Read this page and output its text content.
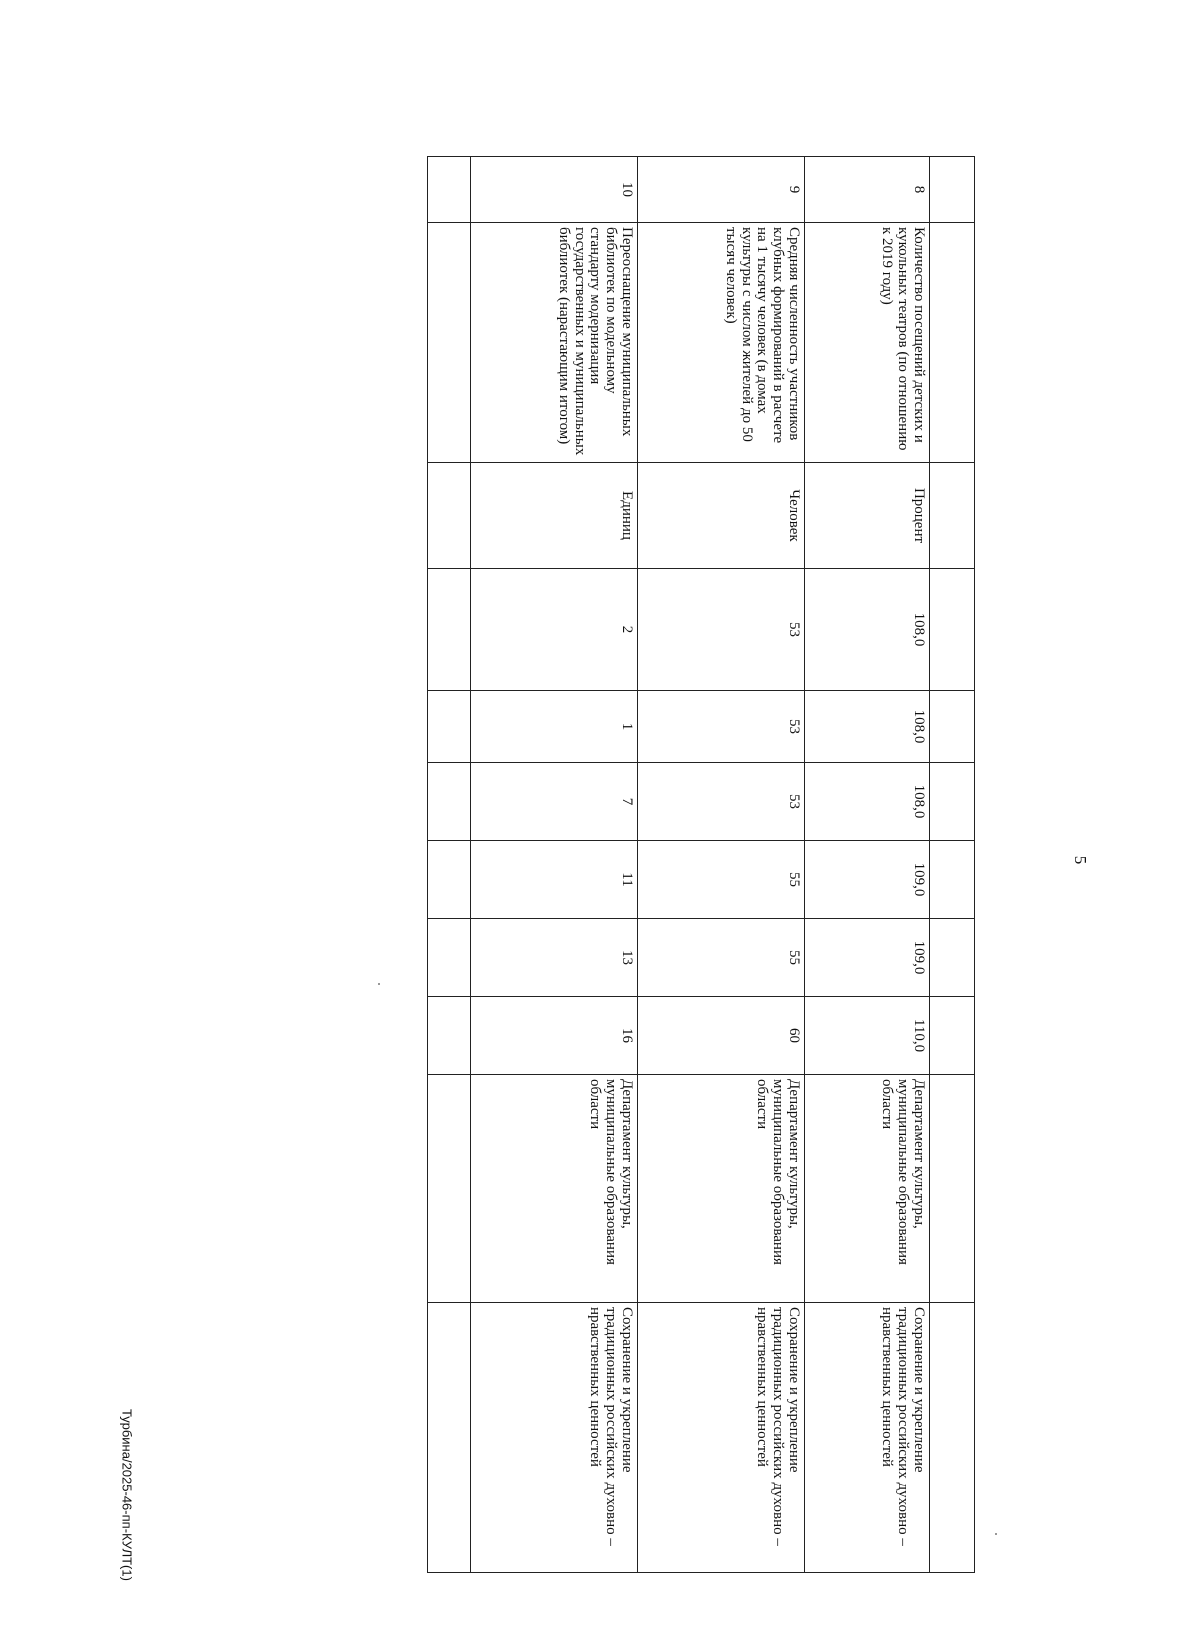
5

8	Количество посещений детских и кукольных театров (по отношению к 2019 году)	Процент	108,0	108,0	108,0	109,0	109,0	110,0	Департамент культуры, муниципальные образования области	Сохранение и укрепление традиционных российских духовно – нравственных ценностей
9	Средняя численность участников клубных формирований в расчете на 1 тысячу человек (в домах культуры с числом жителей до 50 тысяч человек)	Человек	53	53	53	55	55	60	Департамент культуры, муниципальные образования области	Сохранение и укрепление традиционных российских духовно – нравственных ценностей
10	Переоснащение муниципальных библиотек по модельному стандарту модернизация государственных и муниципальных библиотек (нарастающим итогом)	Единиц	2	1	7	11	13	16	Департамент культуры, муниципальные образования области	Сохранение и укрепление традиционных российских духовно – нравственных ценностей

Турбина/2025-46-пп-КУЛТ(1)
